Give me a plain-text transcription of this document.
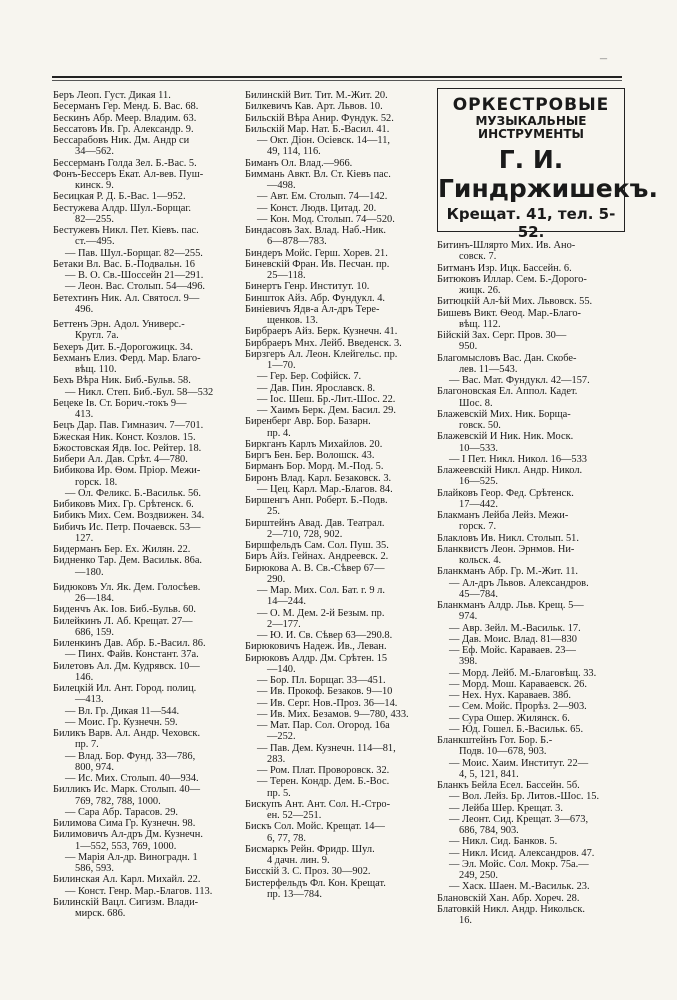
¯
Беръ Леоп. Густ. Дикая 11.
Бесерманъ Гер. Менд. Б. Вас. 68.
Бескинъ Абр. Меер. Владим. 63.
Бессатовъ Ив. Гр. Александр. 9.
Бессарабовъ Ник. Дм. Андр си
34—562.
Бессерманъ Голда Зел. Б.-Вас. 5.
Фонъ-Бессеръ Екат. Ал-вев. Пуш-
кинск. 9.
Бесицкая Р. Д. Б.-Вас. 1—952.
Бестужева Алдр. Шул.-Борщаг.
82—255.
Бестужевъ Никл. Пет. Кіевъ. пас.
ст.—495.
— Пав. Шул.-Борщаг. 82—255.
Бетаки Вл. Вас. Б.-Подвальн. 16
— В. О. Св.-Шоссейн 21—291.
— Леон. Вас. Столып. 54—496.
Бетехтинъ Ник. Ал. Святосл. 9—
496.
Беттенъ Эрн. Адол. Универс.-
Кругл. 7а.
Бехеръ Дит. Б.-Дорогожицк. 34.
Бехманъ Елиз. Ферд. Мар. Благо-
вѣщ. 110.
Бехъ Вѣра Ник. Биб.-Бульв. 58.
— Никл. Степ. Биб.-Бул. 58—532
Бецеке Ів. Ст. Борич.-токъ 9—
413.
Бецъ Дар. Пав. Гимназич. 7—701.
Бжеская Ник. Конст. Козлов. 15.
Бжостовская Ядв. Іос. Рейтер. 18.
Бибери Ал. Дав. Срѣт. 4—780.
Бибикова Ир. Ѳом. Пріор. Межи-
горск. 18.
— Ол. Феликс. Б.-Васильк. 56.
Бибиковъ Мих. Гр. Срѣтенск. 6.
Бибикъ Мих. Сем. Воздвижен. 34.
Бибичъ Ис. Петр. Почаевск. 53—
127.
Бидерманъ Бер. Ех. Жилян. 22.
Бидненко Тар. Дем. Васильк. 86а.
—180.
Бидюковъ Ул. Як. Дем. Голосѣев.
26—184.
Биденчъ Ак. Іов. Биб.-Бульв. 60.
Билейкинъ Л. Аб. Крещат. 27—
686, 159.
Биленкинъ Дав. Абр. Б.-Васил. 86.
— Пинх. Файв. Констант. 37а.
Билетовъ Ал. Дм. Кудрявск. 10—
146.
Билецкій Ил. Ант. Город. полиц.
—413.
— Вл. Гр. Дикая 11—544.
— Моис. Гр. Кузнечн. 59.
Биликъ Варв. Ал. Андр. Чеховск.
пр. 7.
— Влад. Бор. Фунд. 33—786,
800, 974.
— Ис. Мих. Столып. 40—934.
Билликъ Ис. Марк. Столып. 40—
769, 782, 788, 1000.
— Сара Абр. Тарасов. 29.
Билимова Сима Гр. Кузнечн. 98.
Билимовичъ Ал-дръ Дм. Кузнечн.
1—552, 553, 769, 1000.
— Марія Ал-др. Виноградн. 1
586, 593.
Билинская Ал. Карл. Михайл. 22.
— Конст. Генр. Мар.-Благов. 113.
Билинскій Вацл. Сигизм. Влади-
мирск. 686.
Билинскій Вит. Тит. М.-Жит. 20.
Билкевичъ Кав. Арт. Львов. 10.
Бильскій Вѣра Анир. Фундук. 52.
Бильскій Мар. Нат. Б.-Васил. 41.
— Окт. Діон. Осіевск. 14—11,
49, 114, 116.
Биманъ Ол. Влад.—966.
Биммань Авкт. Вл. Ст. Кіевъ пас.
—498.
— Авт. Ем. Столып. 74—142.
— Конст. Людв. Цитад. 20.
— Кон. Мод. Столып. 74—520.
Биндасовъ Зах. Влад. Наб.-Ник.
6—878—783.
Биндеръ Мойс. Герш. Хорев. 21.
Биневскій Фран. Ив. Песчан. пр.
25—118.
Бинертъ Генр. Институт. 10.
Биншток Айз. Абр. Фундукл. 4.
Биніевичъ Ядв-а Ал-дръ Тере-
щенков. 13.
Бирбраеръ Айз. Берк. Кузнечн. 41.
Бирбраеръ Мнх. Лейб. Введенск. 3.
Бирзгеръ Ал. Леон. Клейгельс. пр.
1—70.
— Гер. Бер. Софійск. 7.
— Дав. Пин. Ярославск. 8.
— Іос. Шеш. Бр.-Лит.-Шос. 22.
— Хаимъ Берк. Дем. Басил. 29.
Биренберг Авр. Бор. Базарн.
пр. 4.
Биркганъ Карлъ Михайлов. 20.
Биргъ Бен. Бер. Волошск. 43.
Бирманъ Бор. Морд. М.-Под. 5.
Биронъ Влад. Карл. Безаковск. 3.
— Цец. Карл. Мар.-Благов. 84.
Биршенгъ Анп. Роберт. Б.-Подв.
25.
Бирштейнъ Авад. Дав. Театрал.
2—710, 728, 902.
Биршфельдъ Сам. Сол. Пуш. 35.
Биръ Айз. Гейнах. Андреевск. 2.
Бирюкова А. В. Св.-Сѣвер 67—
290.
— Мар. Мих. Сол. Бат. г. 9 л.
14—244.
— О. М. Дем. 2-й Безым. пр.
2—177.
— Ю. И. Св. Сѣвер 63—290.8.
Бирюковичъ Надеж. Ив., Леван.
Бирюковъ Алдр. Дм. Срѣтен. 15
—140.
— Бор. Пл. Борщаг. 33—451.
— Ив. Прокоф. Безаков. 9—10
— Ив. Серг. Нов.-Проз. 36—14.
— Ив. Мих. Безамов. 9—780, 433.
— Мат. Пар. Сол. Огород. 16а
—252.
— Пав. Дем. Кузнечн. 114—81,
283.
— Ром. Плат. Проворовск. 32.
— Терен. Кондр. Дем. Б.-Вос.
пр. 5.
Бискупъ Ант. Ант. Сол. Н.-Стро-
ен. 52—251.
Бискъ Сол. Мойс. Крещат. 14—
6, 77, 78.
Бисмаркъ Рейн. Фридр. Шул.
4 дачн. лин. 9.
Бисскій З. С. Проз. 30—902.
Бистерфельдъ Фл. Кон. Крещат.
пр. 13—784.
ОРКЕСТРОВЫЕ
МУЗЫКАЛЬНЫЕ
ИНСТРУМЕНТЫ
Г. И. Гиндржишекъ.
Крещат. 41, тел. 5-52.
Битинъ-Шлярто Мих. Ив. Ано-
совск. 7.
Битманъ Изр. Ицк. Бассейн. 6.
Битюковъ Иллар. Сем. Б.-Дорого-
жицк. 26.
Битюцкій Ал-ѣй Мих. Львовск. 55.
Бишевъ Викт. Ѳеод. Мар.-Благо-
вѣщ. 112.
Бійскій Зах. Серг. Пров. 30—
950.
Благомысловъ Вас. Дан. Скобе-
лев. 11—543.
— Вас. Мат. Фундукл. 42—157.
Благоновская Ел. Аппол. Кадет.
Шос. 8.
Блажевскій Мих. Ник. Борща-
говск. 50.
Блажевскій И Ник. Ник. Моск.
10—533.
— І Пет. Никл. Никол. 16—533
Блажеевскій Никл. Андр. Никол.
16—525.
Блайковъ Геор. Фед. Срѣтенск.
17—442.
Блакманъ Лейба Лейз. Межи-
горск. 7.
Блакловъ Ив. Никл. Столып. 51.
Бланквистъ Леон. Эрнмов. Ни-
кольск. 4.
Бланкманъ Абр. Гр. М.-Жит. 11.
— Ал-дръ Львов. Александров.
45—784.
Бланкманъ Алдр. Льв. Крещ. 5—
974.
— Авр. Зейл. М.-Васильк. 17.
— Дав. Моис. Влад. 81—830
— Еф. Мойс. Караваев. 23—
398.
— Морд. Лейб. М.-Благовѣщ. 33.
— Морд. Мош. Караваевск. 26.
— Нех. Нух. Караваев. 38б.
— Сем. Мойс. Прорѣз. 2—903.
— Сура Ошер. Жилянск. 6.
— Юд. Гошел. Б.-Васильк. 65.
Бланкштейнъ Гот. Бор. Б.-
Подв. 10—678, 903.
— Моис. Хаим. Институт. 22—
4, 5, 121, 841.
Бланкъ Бейла Есел. Бассейн. 5б.
— Вол. Лейз. Бр. Литов.-Шос. 15.
— Лейба Шер. Крещат. 3.
— Леонт. Сид. Крещат. 3—673,
686, 784, 903.
— Никл. Сид. Банков. 5.
— Никл. Исид. Александров. 47.
— Эл. Мойс. Сол. Мокр. 75а.—
249, 250.
— Хаск. Шаен. М.-Васильк. 23.
Блановскій Хан. Абр. Хореч. 28.
Блатовкій Никл. Андр. Никольск.
16.
